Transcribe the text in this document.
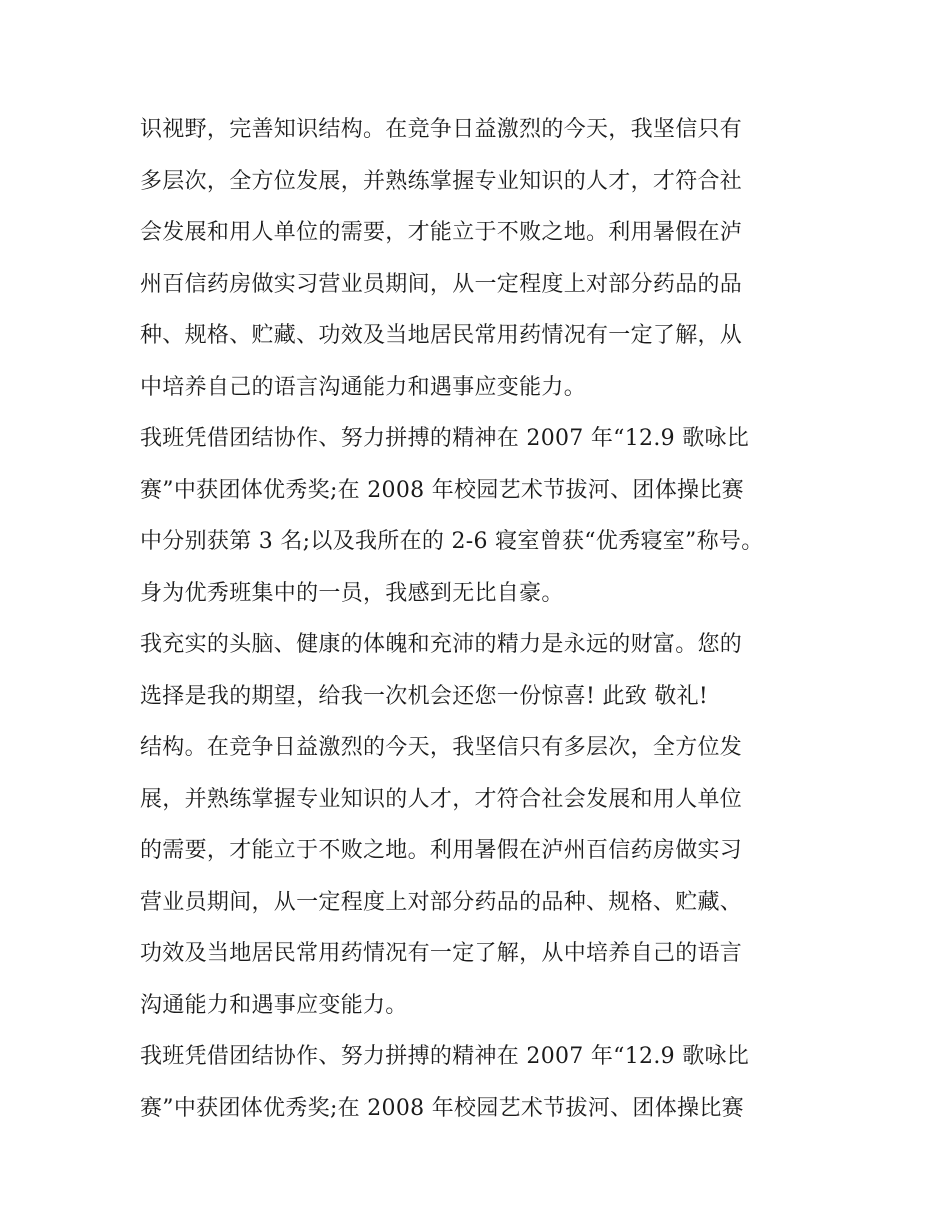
识视野，完善知识结构。在竞争日益激烈的今天，我坚信只有
多层次，全方位发展，并熟练掌握专业知识的人才，才符合社
会发展和用人单位的需要，才能立于不败之地。利用暑假在泸
州百信药房做实习营业员期间，从一定程度上对部分药品的品
种、规格、贮藏、功效及当地居民常用药情况有一定了解，从
中培养自己的语言沟通能力和遇事应变能力。
我班凭借团结协作、努力拼搏的精神在 2007 年“12.9 歌咏比
赛”中获团体优秀奖;在 2008 年校园艺术节拔河、团体操比赛
中分别获第 3 名;以及我所在的 2-6 寝室曾获“优秀寝室”称号。
身为优秀班集中的一员，我感到无比自豪。
我充实的头脑、健康的体魄和充沛的精力是永远的财富。您的
选择是我的期望，给我一次机会还您一份惊喜! 此致 敬礼!
结构。在竞争日益激烈的今天，我坚信只有多层次，全方位发
展，并熟练掌握专业知识的人才，才符合社会发展和用人单位
的需要，才能立于不败之地。利用暑假在泸州百信药房做实习
营业员期间，从一定程度上对部分药品的品种、规格、贮藏、
功效及当地居民常用药情况有一定了解，从中培养自己的语言
沟通能力和遇事应变能力。
我班凭借团结协作、努力拼搏的精神在 2007 年“12.9 歌咏比
赛”中获团体优秀奖;在 2008 年校园艺术节拔河、团体操比赛
